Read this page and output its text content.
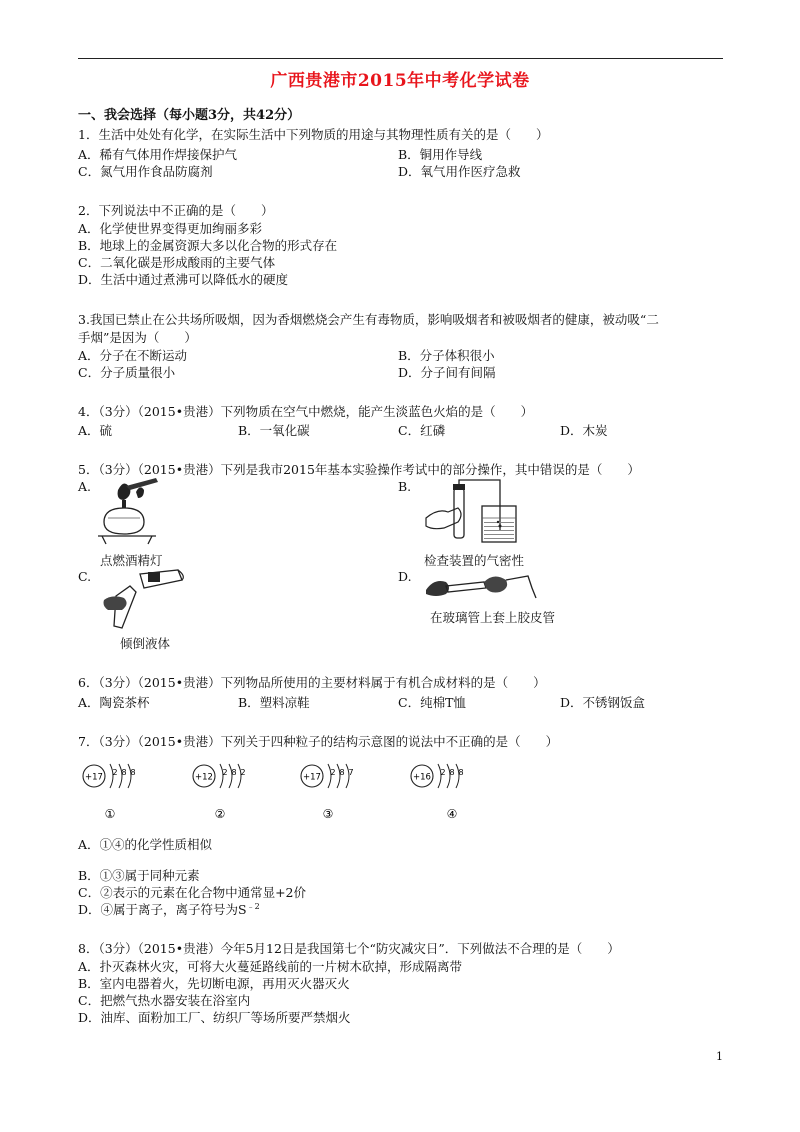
广西贵港市2015年中考化学试卷
一、我会选择（每小题3分，共42分）
1．生活中处处有化学，在实际生活中下列物质的用途与其物理性质有关的是（　　）
A．稀有气体用作焊接保护气	B．铜用作导线
C．氮气用作食品防腐剂	D．氧气用作医疗急救
2．下列说法中不正确的是（　　）
A．化学使世界变得更加绚丽多彩
B．地球上的金属资源大多以化合物的形式存在
C．二氧化碳是形成酸雨的主要气体
D．生活中通过煮沸可以降低水的硬度
3.我国已禁止在公共场所吸烟，因为香烟燃烧会产生有毒物质，影响吸烟者和被吸烟者的健康，被动吸“二
手烟”是因为（　　）
A．分子在不断运动	B．分子体积很小
C．分子质量很小	D．分子间有间隔
4．（3分）（2015•贵港）下列物质在空气中燃烧，能产生淡蓝色火焰的是（　　）
A．硫	B．一氧化碳	C．红磷	D．木炭
5．（3分）（2015•贵港）下列是我市2015年基本实验操作考试中的部分操作，其中错误的是（　　）
A.	B.
点燃酒精灯	检查装置的气密性
C.	D.
倾倒液体
在玻璃管上套上胶皮管
6．（3分）（2015•贵港）下列物品所使用的主要材料属于有机合成材料的是（　　）
A．陶瓷茶杯	B．塑料凉鞋	C．纯棉T恤	D．不锈钢饭盒
7．（3分）（2015•贵港）下列关于四种粒子的结构示意图的说法中不正确的是（　　）
+17 2 8 8
①
+12 2 8 2
②
+17 2 8 7
③
+16 2 8 8
④
A．①④的化学性质相似
B．①③属于同种元素
C．②表示的元素在化合物中通常显+2价
D．④属于离子，离子符号为$S^{﹣2}$
8．（3分）（2015•贵港）今年5月12日是我国第七个“防灾减灾日”．下列做法不合理的是（　　）
A．扑灭森林火灾，可将大火蔓延路线前的一片树木砍掉，形成隔离带
B．室内电器着火，先切断电源，再用灭火器灭火
C．把燃气热水器安装在浴室内
D．油库、面粉加工厂、纺织厂等场所要严禁烟火
1
